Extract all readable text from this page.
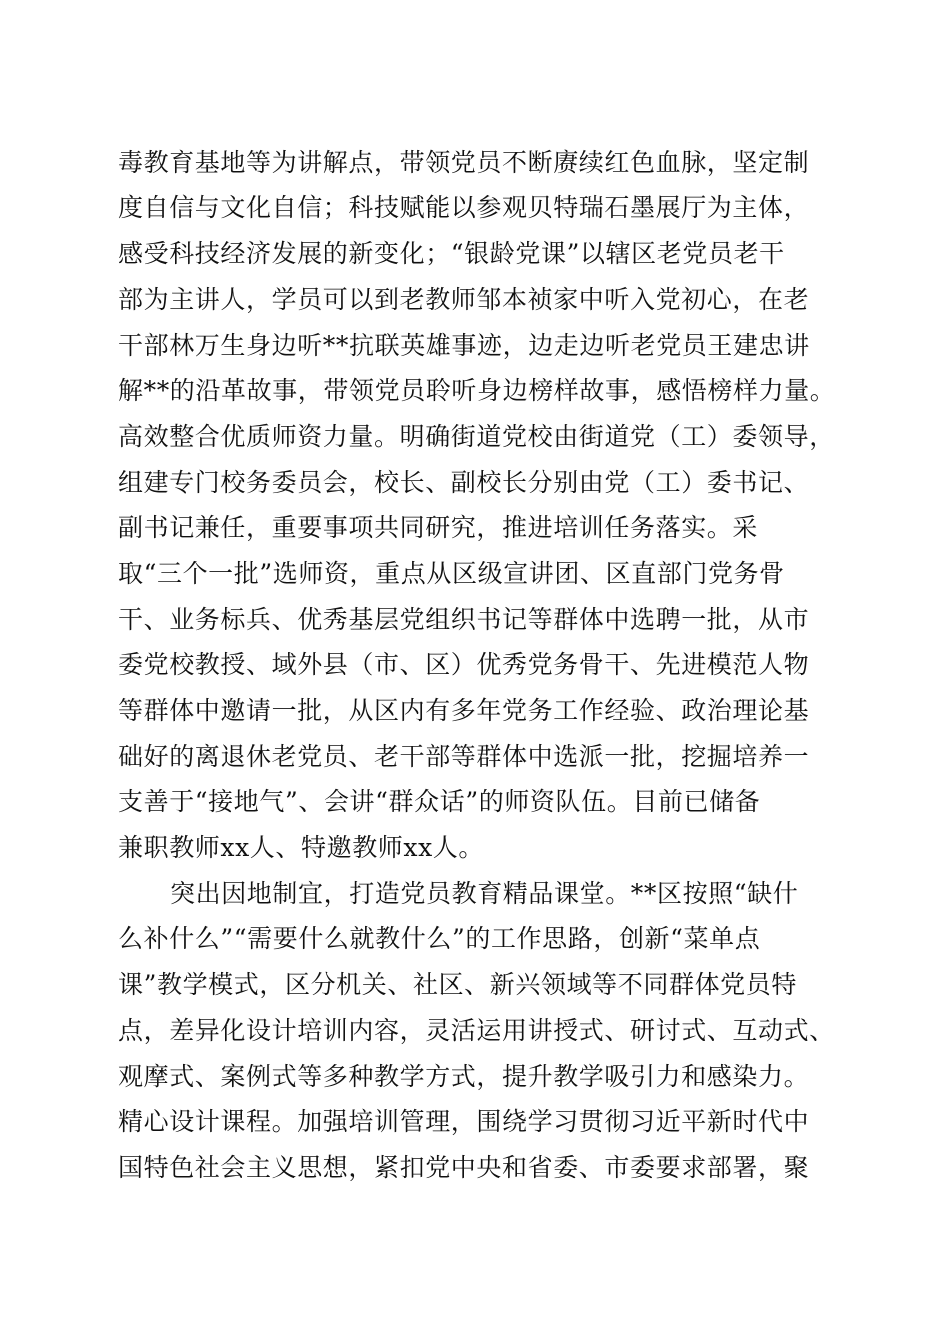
毒教育基地等为讲解点，带领党员不断赓续红色血脉，坚定制
度自信与文化自信；科技赋能以参观贝特瑞石墨展厅为主体，
感受科技经济发展的新变化；“银龄党课”以辖区老党员老干
部为主讲人，学员可以到老教师邹本祯家中听入党初心，在老
干部林万生身边听**抗联英雄事迹，边走边听老党员王建忠讲
解**的沿革故事，带领党员聆听身边榜样故事，感悟榜样力量。
高效整合优质师资力量。明确街道党校由街道党（工）委领导，
组建专门校务委员会，校长、副校长分别由党（工）委书记、
副书记兼任，重要事项共同研究，推进培训任务落实。采
取“三个一批”选师资，重点从区级宣讲团、区直部门党务骨
干、业务标兵、优秀基层党组织书记等群体中选聘一批，从市
委党校教授、域外县（市、区）优秀党务骨干、先进模范人物
等群体中邀请一批，从区内有多年党务工作经验、政治理论基
础好的离退休老党员、老干部等群体中选派一批，挖掘培养一
支善于“接地气”、会讲“群众话”的师资队伍。目前已储备
兼职教师xx人、特邀教师xx人。
突出因地制宜，打造党员教育精品课堂。**区按照“缺什
么补什么”“需要什么就教什么”的工作思路，创新“菜单点
课”教学模式，区分机关、社区、新兴领域等不同群体党员特
点，差异化设计培训内容，灵活运用讲授式、研讨式、互动式、
观摩式、案例式等多种教学方式，提升教学吸引力和感染力。
精心设计课程。加强培训管理，围绕学习贯彻习近平新时代中
国特色社会主义思想，紧扣党中央和省委、市委要求部署，聚
